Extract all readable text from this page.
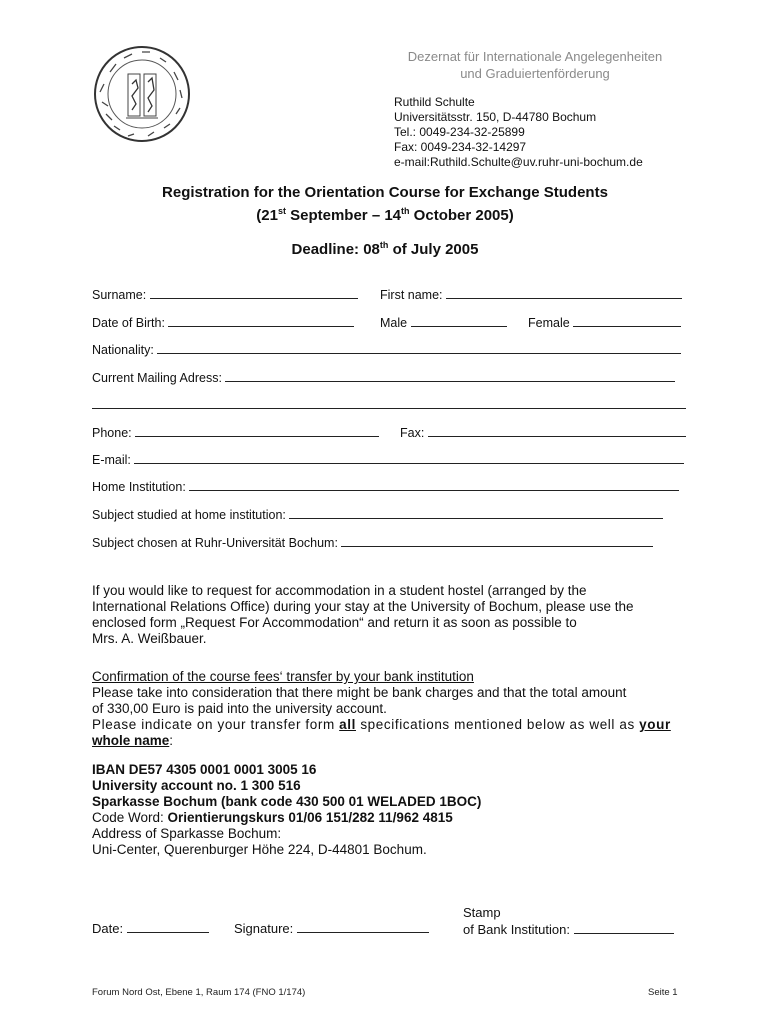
Dezernat für Internationale Angelegenheiten
und Graduiertenförderung
Ruthild Schulte
Universitätsstr. 150, D-44780 Bochum
Tel.: 0049-234-32-25899
Fax: 0049-234-32-14297
e-mail:Ruthild.Schulte@uv.ruhr-uni-bochum.de
Registration for the Orientation Course for Exchange Students
(21st September – 14th October 2005)
Deadline: 08th of July 2005
Surname:	First name:
Date of Birth:	Male	Female
Nationality:
Current Mailing Adress:
Phone:	Fax:
E-mail:
Home Institution:
Subject studied at home institution:
Subject chosen at Ruhr-Universität Bochum:
If you would like to request for accommodation in a student hostel (arranged by the
International Relations Office) during your stay at the University of Bochum, please use the
enclosed form „Request For Accommodation“ and return it as soon as possible to
Mrs. A. Weißbauer.
Confirmation of the course fees‘ transfer by your bank institution
Please take into consideration that there might be bank charges and that the total amount
of 330,00 Euro is paid into the university account.
Please indicate on your transfer form all specifications mentioned below as well as your
whole name:
IBAN DE57 4305 0001 0001 3005 16
University account no. 1 300 516
Sparkasse Bochum (bank code 430 500 01 WELADED 1BOC)
Code Word: Orientierungskurs 01/06 151/282 11/962 4815
Address of Sparkasse Bochum:
Uni-Center, Querenburger Höhe 224, D-44801 Bochum.
Date:	Signature:
Stamp
of Bank Institution:
Forum Nord Ost, Ebene 1, Raum 174 (FNO 1/174)	Seite 1
